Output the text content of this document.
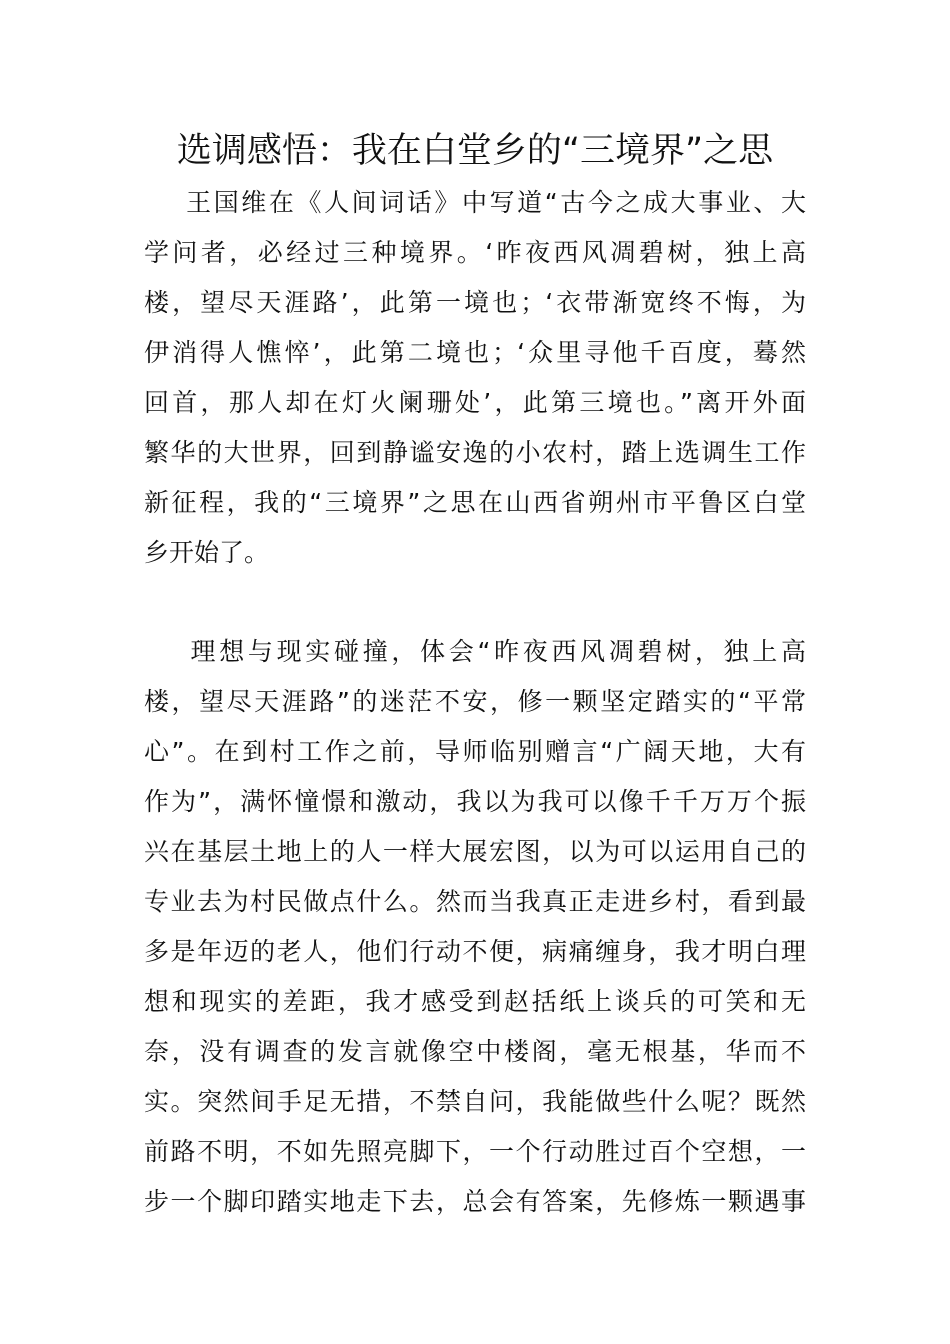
选调感悟：我在白堂乡的“三境界”之思
王国维在《人间词话》中写道“古今之成大事业、大
学问者，必经过三种境界。‘昨夜西风凋碧树，独上高
楼，望尽天涯路’，此第一境也；‘衣带渐宽终不悔，为
伊消得人憔悴’，此第二境也；‘众里寻他千百度，蓦然
回首，那人却在灯火阑珊处’，此第三境也。”离开外面
繁华的大世界，回到静谧安逸的小农村，踏上选调生工作
新征程，我的“三境界”之思在山西省朔州市平鲁区白堂
乡开始了。
理想与现实碰撞，体会“昨夜西风凋碧树，独上高
楼，望尽天涯路”的迷茫不安，修一颗坚定踏实的“平常
心”。在到村工作之前，导师临别赠言“广阔天地，大有
作为”，满怀憧憬和激动，我以为我可以像千千万万个振
兴在基层土地上的人一样大展宏图，以为可以运用自己的
专业去为村民做点什么。然而当我真正走进乡村，看到最
多是年迈的老人，他们行动不便，病痛缠身，我才明白理
想和现实的差距，我才感受到赵括纸上谈兵的可笑和无
奈，没有调查的发言就像空中楼阁，毫无根基，华而不
实。突然间手足无措，不禁自问，我能做些什么呢？既然
前路不明，不如先照亮脚下，一个行动胜过百个空想，一
步一个脚印踏实地走下去，总会有答案，先修炼一颗遇事
